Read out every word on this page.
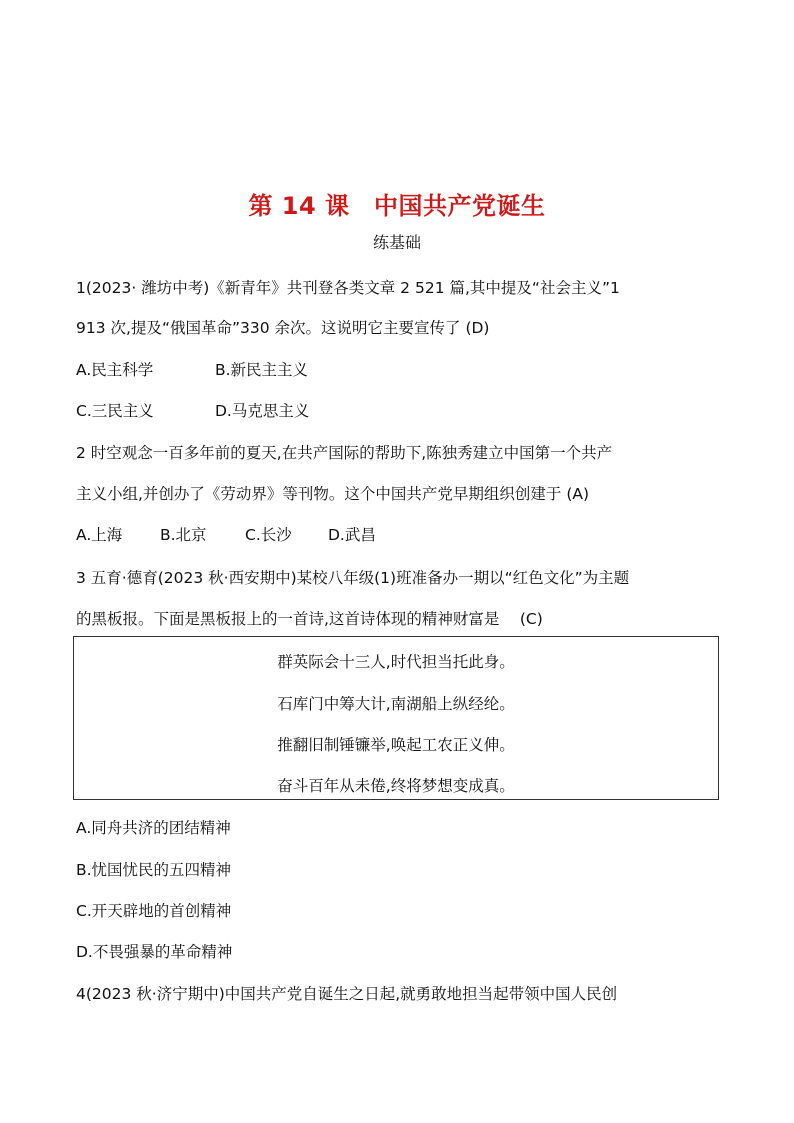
第 14 课　中国共产党诞生
练基础
1(2023· 潍坊中考)《新青年》共刊登各类文章 2 521 篇,其中提及“社会主义”1
913 次,提及“俄国革命”330 余次。这说明它主要宣传了 (D)
A.民主科学	B.新民主主义
C.三民主义	D.马克思主义
2 时空观念一百多年前的夏天,在共产国际的帮助下,陈独秀建立中国第一个共产
主义小组,并创办了《劳动界》等刊物。这个中国共产党早期组织创建于 (A)
A.上海 B.北京 C.长沙 D.武昌
3 五育·德育(2023 秋·西安期中)某校八年级(1)班准备办一期以“红色文化”为主题
的黑板报。下面是黑板报上的一首诗,这首诗体现的精神财富是　 (C)
群英际会十三人,时代担当托此身。
石库门中筹大计,南湖船上纵经纶。
推翻旧制锤镰举,唤起工农正义伸。
奋斗百年从未倦,终将梦想变成真。
A.同舟共济的团结精神
B.忧国忧民的五四精神
C.开天辟地的首创精神
D.不畏强暴的革命精神
4(2023 秋·济宁期中)中国共产党自诞生之日起,就勇敢地担当起带领中国人民创
